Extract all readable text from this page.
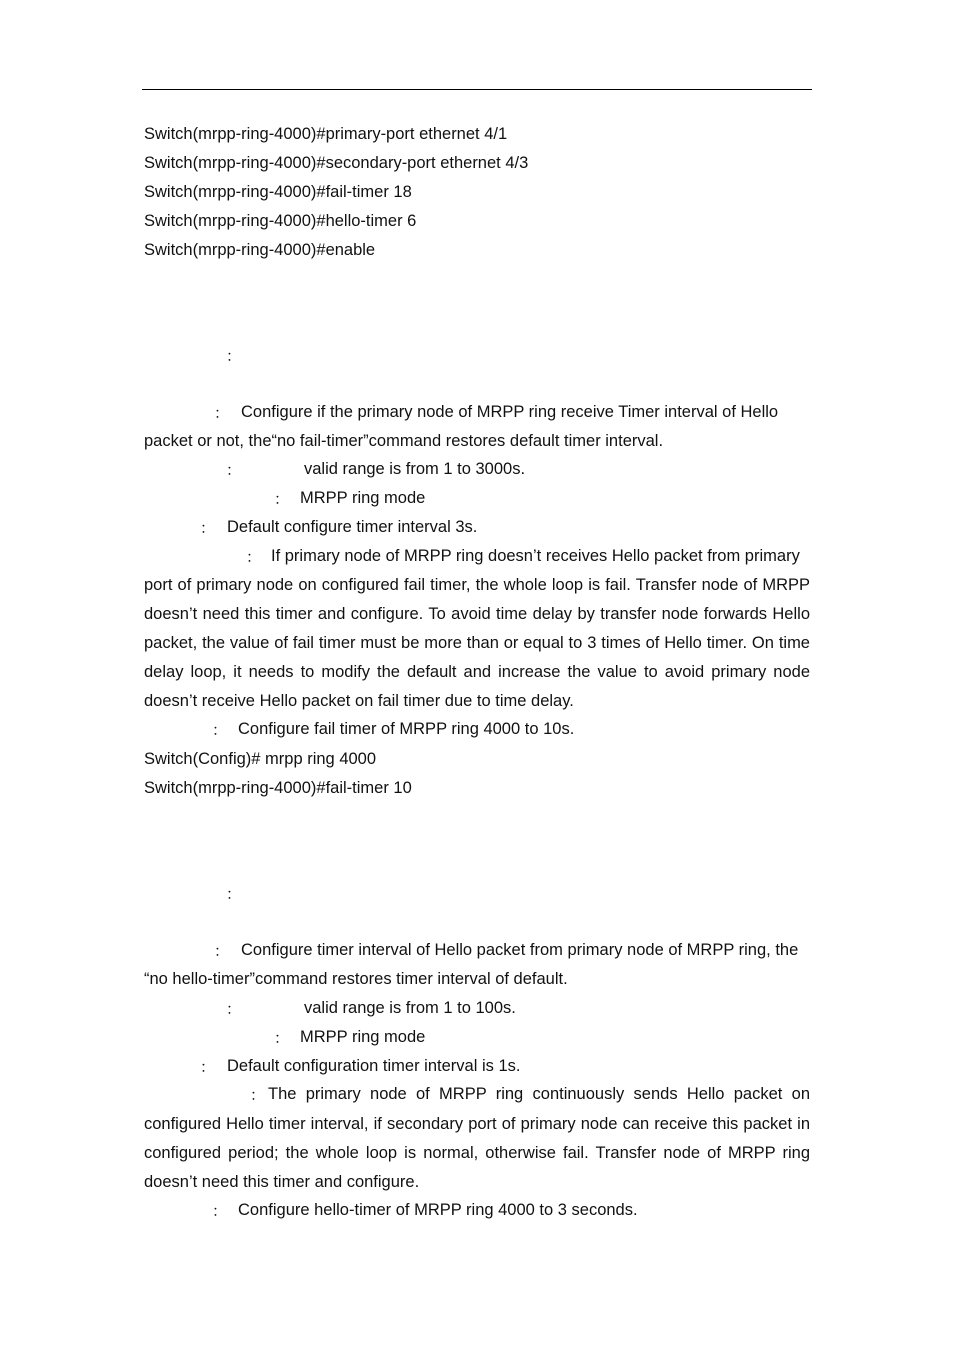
Switch(mrpp-ring-4000)#primary-port ethernet 4/1
Switch(mrpp-ring-4000)#secondary-port ethernet 4/3
Switch(mrpp-ring-4000)#fail-timer 18
Switch(mrpp-ring-4000)#hello-timer 6
Switch(mrpp-ring-4000)#enable
：
： Configure if the primary node of MRPP ring receive Timer interval of Hello
packet or not, the“no fail-timer”command restores default timer interval.
：	valid range is from 1 to 3000s.
： MRPP ring mode
： Default configure timer interval 3s.
： If primary node of MRPP ring doesn’t receives Hello packet from primary
port of primary node on configured fail timer, the whole loop is fail. Transfer node of MRPP doesn’t need this timer and configure. To avoid time delay by transfer node forwards Hello packet, the value of fail timer must be more than or equal to 3 times of Hello timer. On time delay loop, it needs to modify the default and increase the value to avoid primary node doesn’t receive Hello packet on fail timer due to time delay.
： Configure fail timer of MRPP ring 4000 to 10s.
Switch(Config)# mrpp ring 4000
Switch(mrpp-ring-4000)#fail-timer 10
：
： Configure timer interval of Hello packet from primary node of MRPP ring, the
“no hello-timer”command restores timer interval of default.
：	valid range is from 1 to 100s.
： MRPP ring mode
： Default configuration timer interval is 1s.
： The primary node of MRPP ring continuously sends Hello packet on
configured Hello timer interval, if secondary port of primary node can receive this packet in configured period; the whole loop is normal, otherwise fail. Transfer node of MRPP ring doesn’t need this timer and configure.
： Configure hello-timer of MRPP ring 4000 to 3 seconds.
